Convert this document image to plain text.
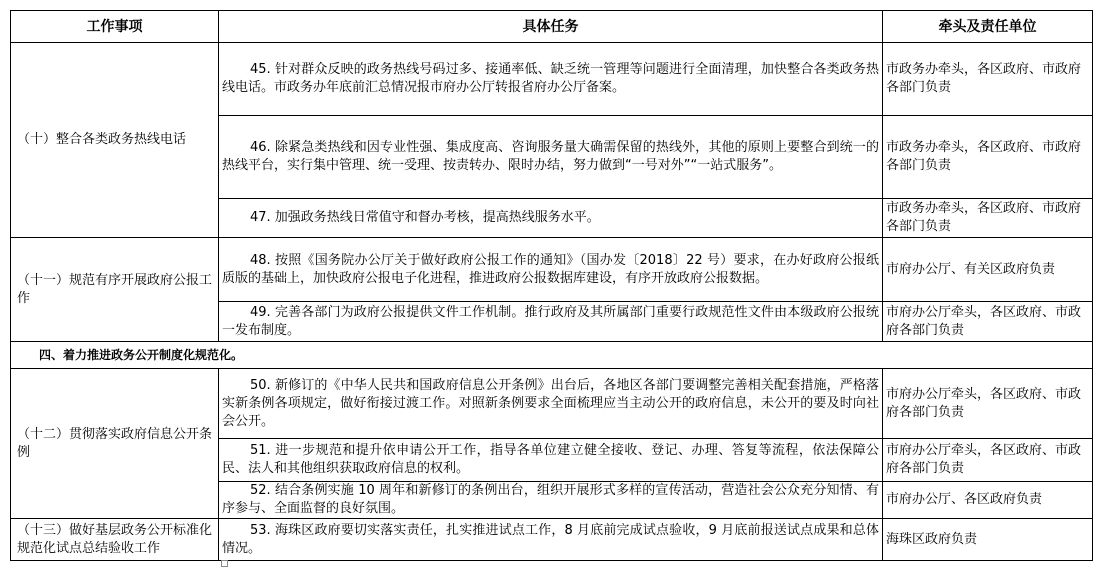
工作事项	具体任务	牵头及责任单位
（十）整合各类政务热线电话	45. 针对群众反映的政务热线号码过多、接通率低、缺乏统一管理等问题进行全面清理，加快整合各类政务热线电话。市政务办年底前汇总情况报市府办公厅转报省府办公厅备案。	市政务办牵头，各区政府、市政府各部门负责
	46. 除紧急类热线和因专业性强、集成度高、咨询服务量大确需保留的热线外，其他的原则上要整合到统一的热线平台，实行集中管理、统一受理、按责转办、限时办结，努力做到“一号对外”“一站式服务”。	市政务办牵头，各区政府、市政府各部门负责
	47. 加强政务热线日常值守和督办考核，提高热线服务水平。	市政务办牵头，各区政府、市政府各部门负责
（十一）规范有序开展政府公报工作	48. 按照《国务院办公厅关于做好政府公报工作的通知》（国办发〔2018〕22 号）要求，在办好政府公报纸质版的基础上，加快政府公报电子化进程，推进政府公报数据库建设，有序开放政府公报数据。	市府办公厅、有关区政府负责
	49. 完善各部门为政府公报提供文件工作机制。推行政府及其所属部门重要行政规范性文件由本级政府公报统一发布制度。	市府办公厅牵头，各区政府、市政府各部门负责
四、着力推进政务公开制度化规范化。		
（十二）贯彻落实政府信息公开条例	50. 新修订的《中华人民共和国政府信息公开条例》出台后，各地区各部门要调整完善相关配套措施，严格落实新条例各项规定，做好衔接过渡工作。对照新条例要求全面梳理应当主动公开的政府信息，未公开的要及时向社会公开。	市府办公厅牵头，各区政府、市政府各部门负责
	51. 进一步规范和提升依申请公开工作，指导各单位建立健全接收、登记、办理、答复等流程，依法保障公民、法人和其他组织获取政府信息的权利。	市府办公厅牵头，各区政府、市政府各部门负责
	52. 结合条例实施 10 周年和新修订的条例出台，组织开展形式多样的宣传活动，营造社会公众充分知情、有序参与、全面监督的良好氛围。	市府办公厅、各区政府负责
（十三）做好基层政务公开标准化规范化试点总结验收工作	53. 海珠区政府要切实落实责任，扎实推进试点工作，8 月底前完成试点验收，9 月底前报送试点成果和总体情况。	海珠区政府负责
